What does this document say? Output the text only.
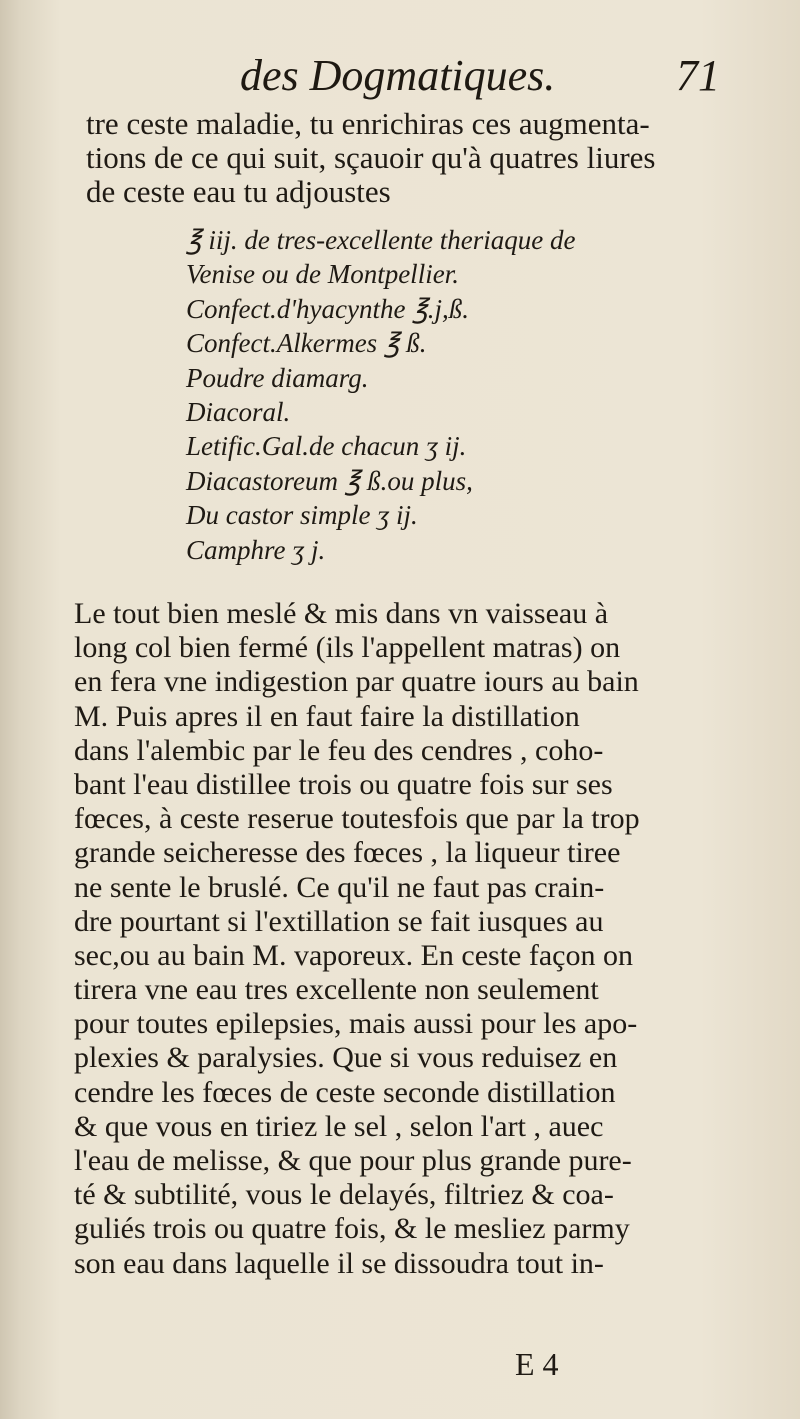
des Dogmatiques.	71
tre ceste maladie, tu enrichiras ces augmenta-
tions de ce qui suit, sçauoir qu'à quatres liures
de ceste eau tu adjoustes
℥ iij. de tres-excellente theriaque de
Venise ou de Montpellier.
Confect.d'hyacynthe ℥.j,ß.
Confect.Alkermes ℥ ß.
Poudre diamarg.
Diacoral.
Letific.Gal.de chacun ʒ ij.
Diacastoreum ℥ ß.ou plus,
Du castor simple ʒ ij.
Camphre ʒ j.
Le tout bien meslé & mis dans vn vaisseau à
long col bien fermé (ils l'appellent matras) on
en fera vne indigestion par quatre iours au bain
M. Puis apres il en faut faire la distillation
dans l'alembic par le feu des cendres , coho-
bant l'eau distillee trois ou quatre fois sur ses
fœces, à ceste reserue toutesfois que par la trop
grande seicheresse des fœces , la liqueur tiree
ne sente le bruslé. Ce qu'il ne faut pas crain-
dre pourtant si l'extillation se fait iusques au
sec,ou au bain M. vaporeux. En ceste façon on
tirera vne eau tres excellente non seulement
pour toutes epilepsies, mais aussi pour les apo-
plexies & paralysies. Que si vous reduisez en
cendre les fœces de ceste seconde distillation
& que vous en tiriez le sel , selon l'art , auec
l'eau de melisse, & que pour plus grande pure-
té & subtilité, vous le delayés, filtriez & coa-
guliés trois ou quatre fois, & le mesliez parmy
son eau dans laquelle il se dissoudra tout in-
E 4
